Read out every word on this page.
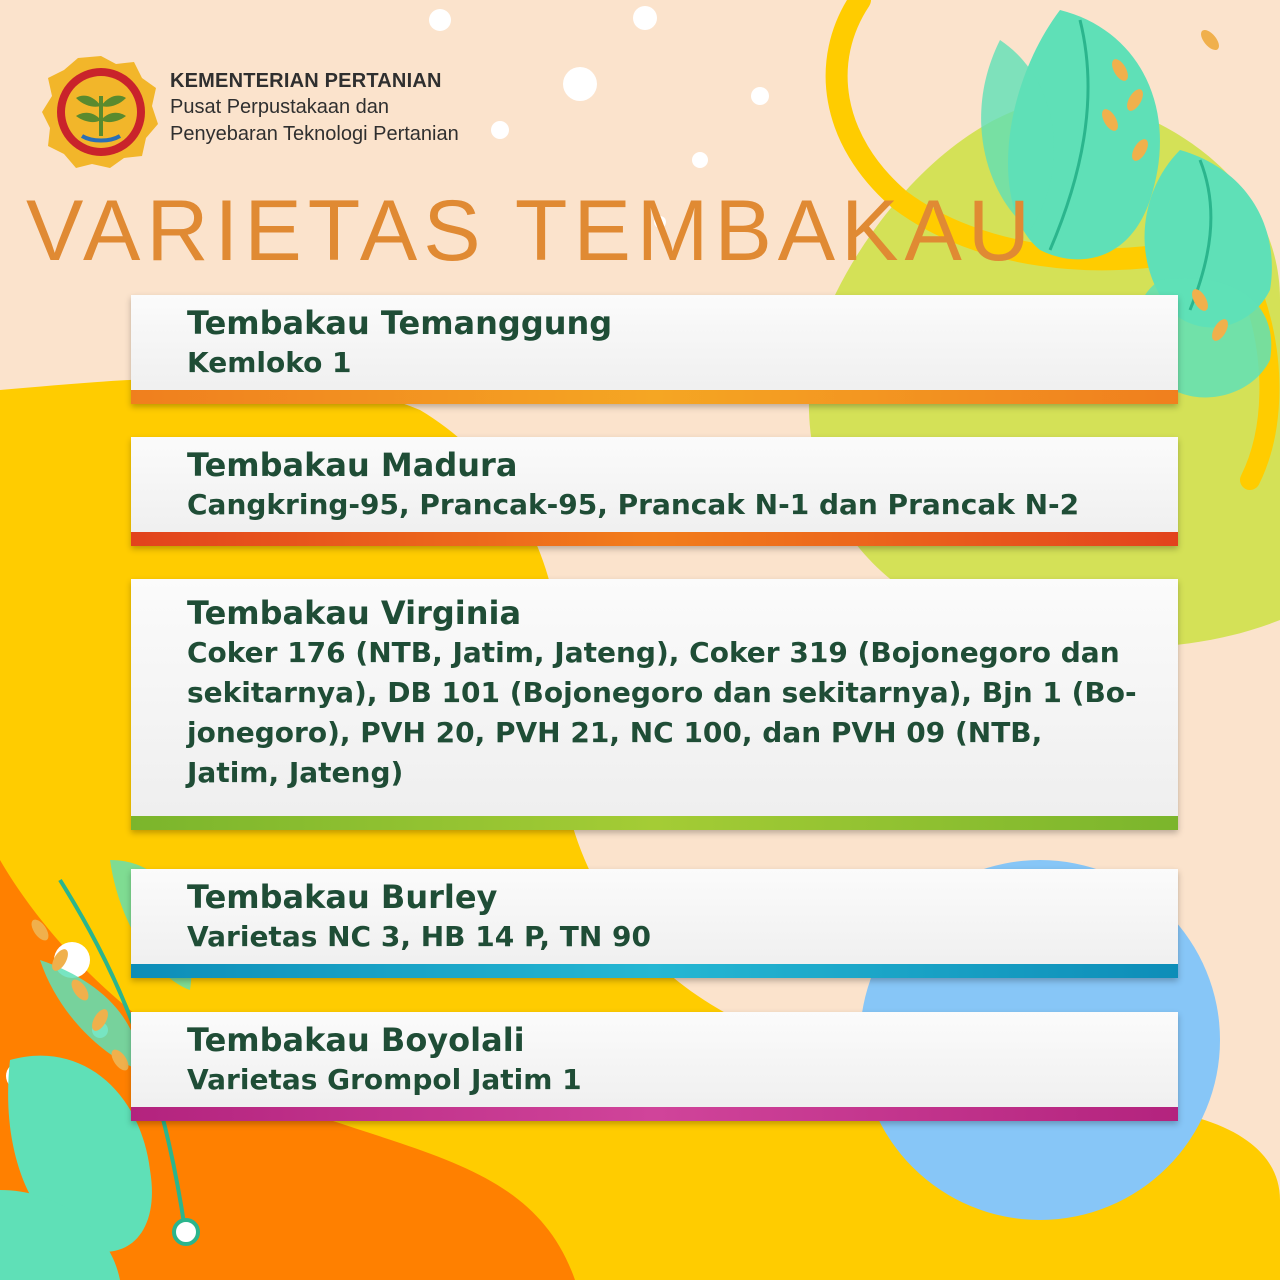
KEMENTERIAN PERTANIAN
Pusat Perpustakaan dan
Penyebaran Teknologi Pertanian
VARIETAS TEMBAKAU
Tembakau Temanggung

Kemloko 1

Tembakau Madura

Cangkring-95, Prancak-95, Prancak N-1 dan Prancak N-2

Tembakau Virginia

Coker 176 (NTB, Jatim, Jateng), Coker 319 (Bojonegoro dan sekitarnya), DB 101 (Bojonegoro dan sekitarnya), Bjn 1 (Bo-jonegoro), PVH 20, PVH 21, NC 100, dan PVH 09 (NTB, Jatim, Jateng)

Tembakau Burley

Varietas NC 3, HB 14 P, TN 90

Tembakau Boyolali

Varietas Grompol Jatim 1
